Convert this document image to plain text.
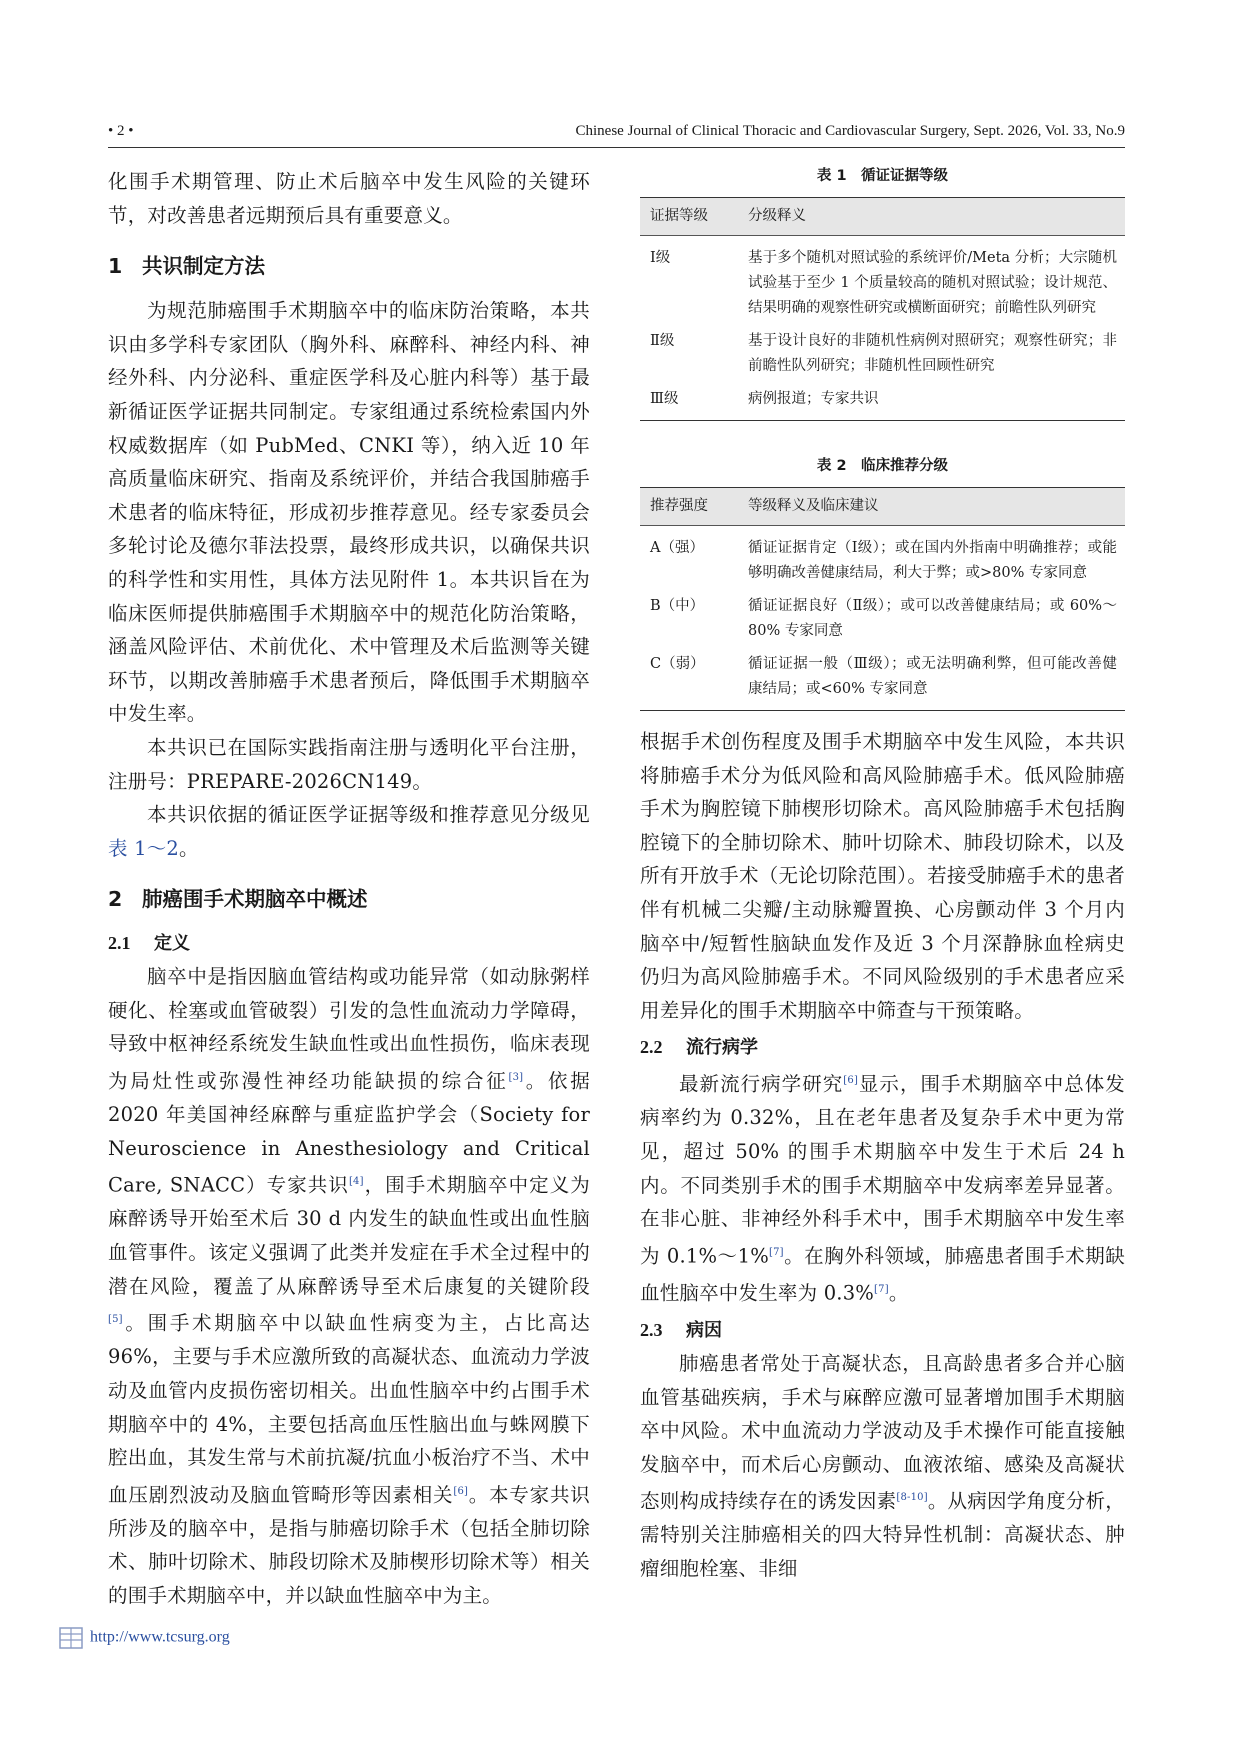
• 2 •	Chinese Journal of Clinical Thoracic and Cardiovascular Surgery, Sept. 2026, Vol. 33, No.9

化围手术期管理、防止术后脑卒中发生风险的关键环节，对改善患者远期预后具有重要意义。

1 共识制定方法

为规范肺癌围手术期脑卒中的临床防治策略，本共识由多学科专家团队（胸外科、麻醉科、神经内科、神经外科、内分泌科、重症医学科及心脏内科等）基于最新循证医学证据共同制定。专家组通过系统检索国内外权威数据库（如 PubMed、CNKI 等），纳入近 10 年高质量临床研究、指南及系统评价，并结合我国肺癌手术患者的临床特征，形成初步推荐意见。经专家委员会多轮讨论及德尔菲法投票，最终形成共识，以确保共识的科学性和实用性，具体方法见附件 1。本共识旨在为临床医师提供肺癌围手术期脑卒中的规范化防治策略，涵盖风险评估、术前优化、术中管理及术后监测等关键环节，以期改善肺癌手术患者预后，降低围手术期脑卒中发生率。

本共识已在国际实践指南注册与透明化平台注册，注册号：PREPARE-2026CN149。

本共识依据的循证医学证据等级和推荐意见分级见表 1～2。

2 肺癌围手术期脑卒中概述
2.1 定义

脑卒中是指因脑血管结构或功能异常（如动脉粥样硬化、栓塞或血管破裂）引发的急性血流动力学障碍，导致中枢神经系统发生缺血性或出血性损伤，临床表现为局灶性或弥漫性神经功能缺损的综合征[3]。依据 2020 年美国神经麻醉与重症监护学会（Society for Neuroscience in Anesthesiology and Critical Care, SNACC）专家共识[4]，围手术期脑卒中定义为麻醉诱导开始至术后 30 d 内发生的缺血性或出血性脑血管事件。该定义强调了此类并发症在手术全过程中的潜在风险，覆盖了从麻醉诱导至术后康复的关键阶段[5]。围手术期脑卒中以缺血性病变为主，占比高达 96%，主要与手术应激所致的高凝状态、血流动力学波动及血管内皮损伤密切相关。出血性脑卒中约占围手术期脑卒中的 4%，主要包括高血压性脑出血与蛛网膜下腔出血，其发生常与术前抗凝/抗血小板治疗不当、术中血压剧烈波动及脑血管畸形等因素相关[6]。本专家共识所涉及的脑卒中，是指与肺癌切除手术（包括全肺切除术、肺叶切除术、肺段切除术及肺楔形切除术等）相关的围手术期脑卒中，并以缺血性脑卒中为主。

表 1　循证证据等级
证据等级	分级释义
Ⅰ级	基于多个随机对照试验的系统评价/Meta 分析；大宗随机试验基于至少 1 个质量较高的随机对照试验；设计规范、结果明确的观察性研究或横断面研究；前瞻性队列研究
Ⅱ级	基于设计良好的非随机性病例对照研究；观察性研究；非前瞻性队列研究；非随机性回顾性研究
Ⅲ级	病例报道；专家共识
表 2　临床推荐分级
推荐强度	等级释义及临床建议
A（强）	循证证据肯定（Ⅰ级）；或在国内外指南中明确推荐；或能够明确改善健康结局，利大于弊；或>80% 专家同意
B（中）	循证证据良好（Ⅱ级）；或可以改善健康结局；或 60%～80% 专家同意
C（弱）	循证证据一般（Ⅲ级）；或无法明确利弊，但可能改善健康结局；或<60% 专家同意

根据手术创伤程度及围手术期脑卒中发生风险，本共识将肺癌手术分为低风险和高风险肺癌手术。低风险肺癌手术为胸腔镜下肺楔形切除术。高风险肺癌手术包括胸腔镜下的全肺切除术、肺叶切除术、肺段切除术，以及所有开放手术（无论切除范围）。若接受肺癌手术的患者伴有机械二尖瓣/主动脉瓣置换、心房颤动伴 3 个月内脑卒中/短暂性脑缺血发作及近 3 个月深静脉血栓病史仍归为高风险肺癌手术。不同风险级别的手术患者应采用差异化的围手术期脑卒中筛查与干预策略。

2.2 流行病学

最新流行病学研究[6]显示，围手术期脑卒中总体发病率约为 0.32%，且在老年患者及复杂手术中更为常见，超过 50% 的围手术期脑卒中发生于术后 24 h 内。不同类别手术的围手术期脑卒中发病率差异显著。在非心脏、非神经外科手术中，围手术期脑卒中发生率为 0.1%～1%[7]。在胸外科领域，肺癌患者围手术期缺血性脑卒中发生率为 0.3%[7]。

2.3 病因

肺癌患者常处于高凝状态，且高龄患者多合并心脑血管基础疾病，手术与麻醉应激可显著增加围手术期脑卒中风险。术中血流动力学波动及手术操作可能直接触发脑卒中，而术后心房颤动、血液浓缩、感染及高凝状态则构成持续存在的诱发因素[8-10]。从病因学角度分析，需特别关注肺癌相关的四大特异性机制：高凝状态、肿瘤细胞栓塞、非细

http://www.tcsurg.org
